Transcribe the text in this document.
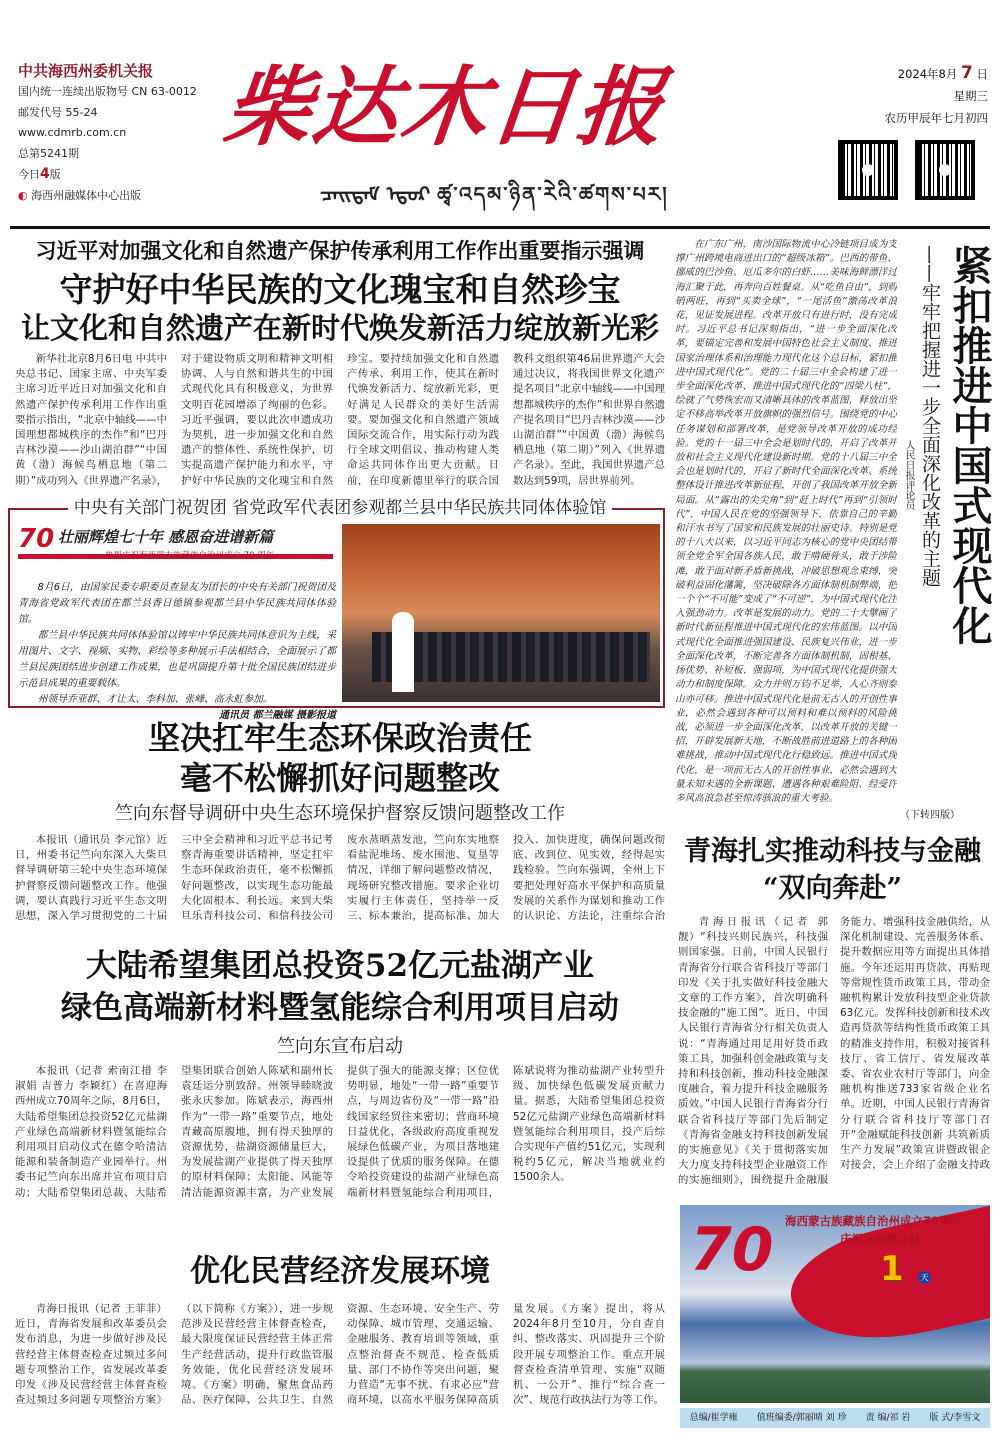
中共海西州委机关报
国内统一连续出版物号 CN 63-0012
邮发代号 55-24
www.cdmrb.com.cn
总第5241期
今日4版
◐ 海西州融媒体中心出版
柴达木日报
ᠴᠠᠢᠳᠠᠮ ᠡᠳᠦᠷ ཚྭ་འདམ་ཉིན་རེའི་ཚགས་པར།
2024年8月 7 日
星期三
农历甲辰年七月初四
习近平对加强文化和自然遗产保护传承利用工作作出重要指示强调
守护好中华民族的文化瑰宝和自然珍宝
让文化和自然遗产在新时代焕发新活力绽放新光彩
新华社北京8月6日电 中共中央总书记、国家主席、中央军委主席习近平近日对加强文化和自然遗产保护传承利用工作作出重要指示指出，“北京中轴线——中国理想都城秩序的杰作”和“巴丹吉林沙漠——沙山湖泊群”“中国黄（渤）海候鸟栖息地（第二期）”成功列入《世界遗产名录》，对于建设物质文明和精神文明相协调、人与自然和谐共生的中国式现代化具有积极意义，为世界文明百花园增添了绚丽的色彩。习近平强调，要以此次申遗成功为契机，进一步加强文化和自然遗产的整体性、系统性保护，切实提高遗产保护能力和水平，守护好中华民族的文化瑰宝和自然珍宝。要持续加强文化和自然遗产传承、利用工作，使其在新时代焕发新活力、绽放新光彩，更好满足人民群众的美好生活需要。要加强文化和自然遗产领域国际交流合作，用实际行动为践行全球文明倡议、推动构建人类命运共同体作出更大贡献。日前，在印度新德里举行的联合国教科文组织第46届世界遗产大会通过决议，将我国世界文化遗产提名项目“北京中轴线——中国理想都城秩序的杰作”和世界自然遗产提名项目“巴丹吉林沙漠——沙山湖泊群”“中国黄（渤）海候鸟栖息地（第二期）”列入《世界遗产名录》。至此，我国世界遗产总数达到59项，居世界前列。
中央有关部门祝贺团 省党政军代表团参观都兰县中华民族共同体体验馆
70 壮丽辉煌七十年 感恩奋进谱新篇
——热烈庆祝海西蒙古族藏族自治州成立 70 周年

8月6日，由国家民委专职委员查显友为团长的中央有关部门祝贺团及青海省党政军代表团在都兰县香日德镇参观都兰县中华民族共同体体验馆。

都兰县中华民族共同体体验馆以铸牢中华民族共同体意识为主线，采用图片、文字、视频、实物、彩绘等多种展示手法相结合，全面展示了都兰县民族团结进步创建工作成果，也是巩固提升第十批全国民族团结进步示范县成果的重要载体。

州领导乔亚群、才让太、李科加、张峰、高永虹参加。

通讯员 都兰融媒 摄影报道

坚决扛牢生态环保政治责任
毫不松懈抓好问题整改
竺向东督导调研中央生态环境保护督察反馈问题整改工作
本报讯（通讯员 李元馆）近日，州委书记竺向东深入大柴旦督导调研第三轮中央生态环境保护督察反馈问题整改工作。他强调，要认真践行习近平生态文明思想，深入学习贯彻党的二十届三中全会精神和习近平总书记考察青海重要讲话精神，坚定扛牢生态环保政治责任，毫不松懈抓好问题整改，以实现生态功能最大化固根本、利长远。来到大柴旦乐青科技公司、和信科技公司废水蒸晒蒸发池，竺向东实地察看盐泥堆场、废水围池、复垦等情况，详细了解问题整改情况，现场研究整改措施。要求企业切实履行主体责任，坚持举一反三、标本兼治，提高标准、加大投入、加快进度，确保问题改彻底、改到位、见实效，经得起实践检验。竺向东强调，全州上下要把处理好高水平保护和高质量发展的关系作为谋划和推动工作的认识论、方法论，注重综合治
大陆希望集团总投资52亿元盐湖产业
绿色高端新材料暨氢能综合利用项目启动
竺向东宣布启动
本报讯（记者 索南江措 李淑娟 吉普力 李颖红）在喜迎海西州成立70周年之际，8月6日，大陆希望集团总投资52亿元盐湖产业绿色高端新材料暨氢能综合利用项目启动仪式在德令哈清洁能源和装备制造产业园举行。州委书记竺向东出席并宣布项目启动；大陆希望集团总裁、大陆希望集团联合创始人陈斌和副州长袁廷运分别致辞。州领导睦晓波张永庆参加。陈斌表示，海西州作为“一带一路”重要节点，地处青藏高原腹地，拥有得天独厚的资源优势，盐湖资源储量巨大，为发展盐湖产业提供了得天独厚的原材料保障；太阳能、风能等清洁能源资源丰富，为产业发展提供了强大的能源支撑；区位优势明显，地处“一带一路”重要节点，与周边省份及“一带一路”沿线国家经贸往来密切；营商环境日益优化，各级政府高度重视发展绿色低碳产业，为项目落地建设提供了优质的服务保障。在德令哈投资建设的盐湖产业绿色高端新材料暨氢能综合利用项目，陈斌说将为推动盐湖产业转型升级、加快绿色低碳发展贡献力量。据悉，大陆希望集团总投资52亿元盐湖产业绿色高端新材料暨氢能综合利用项目，投产后综合实现年产值约51亿元，实现利税约5亿元，解决当地就业约1500余人。
优化民营经济发展环境
青海日报讯（记者 王菲菲）近日，青海省发展和改革委员会发布消息，为进一步做好涉及民营经营主体督查检查过频过多问题专项整治工作，省发展改革委印发《涉及民营经营主体督查检查过频过多问题专项整治方案》（以下简称《方案》），进一步规范涉及民营经营主体督查检查，最大限度保证民营经营主体正常生产经营活动，提升行政监管服务效能，优化民营经济发展环境。《方案》明确，聚焦食品药品、医疗保障、公共卫生、自然资源、生态环境、安全生产、劳动保障、城市管理、交通运输、金融服务、教育培训等领域，重点整治督查不规范、检查低质量、部门不协作等突出问题，聚力营造“无事不扰、有求必应”营商环境，以高水平服务保障高质量发展。《方案》提出，将从2024年8月至10月，分自查自纠、整改落实、巩固提升三个阶段开展专项整治工作。重点开展督查检查清单管理、实施“双随机、一公开”、推行“综合查一次”、规范行政执法行为等工作。
在广东广州，南沙国际物流中心冷链项目成为支撑广州跨境电商进出口的“超级冰箱”。巴西的带鱼、挪威的巴沙鱼、厄瓜多尔的白虾……美味海鲜漂洋过海汇聚于此，再奔向百姓餐桌。从“吃鱼自由”，到购销两旺，再到“买卖全球”，“一尾活鱼”激荡改革浪花，见证发展进程。改革开放只有进行时，没有完成时。习近平总书记深刻指出，“进一步全面深化改革，要锚定完善和发展中国特色社会主义制度、推进国家治理体系和治理能力现代化这个总目标，紧扣推进中国式现代化”。党的二十届三中全会构建了进一步全面深化改革、推进中国式现代化的“四梁八柱”，绘就了气势恢宏而又清晰具体的改革蓝图，释放出坚定不移高举改革开放旗帜的强烈信号。围绕党的中心任务谋划和部署改革，是党领导改革开放的成功经验。党的十一届三中全会是划时代的，开启了改革开放和社会主义现代化建设新时期。党的十八届三中全会也是划时代的，开启了新时代全面深化改革、系统整体设计推进改革新征程，开创了我国改革开放全新局面。从“露出的尖尖角”到“赶上时代”再到“引领时代”，中国人民在党的坚强领导下，依靠自己的辛勤和汗水书写了国家和民族发展的壮丽史诗。特别是党的十八大以来，以习近平同志为核心的党中央团结带领全党全军全国各族人民，敢于啃硬骨头，敢于涉险滩，敢于面对新矛盾新挑战，冲破思想观念束缚，突破利益固化藩篱，坚决破除各方面体制机制弊端，把一个个“不可能”变成了“不可逆”，为中国式现代化注入强劲动力。改革是发展的动力。党的二十大擘画了新时代新征程推进中国式现代化的宏伟蓝图。以中国式现代化全面推进强国建设、民族复兴伟业，进一步全面深化改革，不断完善各方面体制机制，固根基、扬优势、补短板、强弱项，为中国式现代化提供强大动力和制度保障。众力并则万钧不足举，人心齐则泰山亦可移。推进中国式现代化是前无古人的开创性事业，必然会遇到各种可以预料和难以预料的风险挑战，必须进一步全面深化改革，以改革开放的关键一招，开辟发展新天地，不断战胜前进道路上的各种困难挑战，推动中国式现代化行稳致远。推进中国式现代化，是一项前无古人的开创性事业，必然会遇到大量未知未遇的全新课题、遭遇各种艰难险阻、经受许多风高浪急甚至惊涛骇浪的重大考验。
紧扣推进中国式现代化
——牢牢把握进一步全面深化改革的主题
人民日报评论员
（下转四版）
青海扎实推动科技与金融
“双向奔赴”
青海日报讯（记者 郭靓）“科技兴则民族兴，科技强则国家强。日前，中国人民银行青海省分行联合省科技厅等部门印发《关于扎实做好科技金融大文章的工作方案》，首次明确科技金融的“施工图”。近日，中国人民银行青海省分行相关负责人说：“青海通过用足用好货币政策工具，加强科创金融政策与支持和科技创新，推动科技金融深度融合，着力提升科技金融服务质效。”中国人民银行青海省分行联合省科技厅等部门先后制定《青海省金融支持科技创新发展的实施意见》《关于贯彻落实加大力度支持科技型企业融资工作的实施细则》，围绕提升金融服务能力、增强科技金融供给，从深化机制建设、完善服务体系、提升数据应用等方面提出具体措施。今年还运用再贷款、再贴现等常规性货币政策工具，带动金融机构累计发放科技型企业贷款63亿元。发挥科技创新和技术改造再贷款等结构性货币政策工具的精准支持作用，积极对接省科技厅、省工信厅、省发展改革委、省农业农村厅等部门，向金融机构推送733家省级企业名单。近期，中国人民银行青海省分行联合省科技厅等部门召开“金融赋能科技创新 共筑新质生产力发展”政策宣讲暨政银企对接会，会上介绍了金融支持政
70 海西蒙古族藏族自治州成立70周年
庆祝大会倒计时
1	天
总编/崔学雍 值班编委/郭丽晴 刘 珍 责 编/祁 岩 版 式/李雪文
